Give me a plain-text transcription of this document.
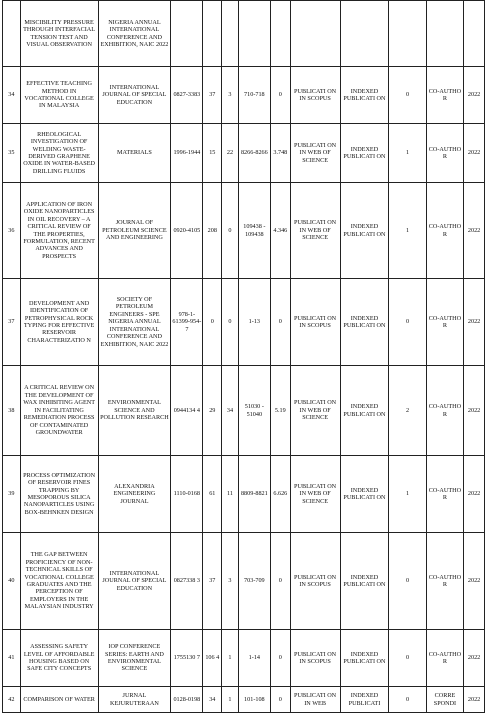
	MISCIBILITY PRESSURE THROUGH INTERFACIAL TENSION TEST AND VISUAL OBSERVATION	NIGERIA ANNUAL INTERNATIONAL CONFERENCE AND EXHIBITION, NAIC 2022										
34	EFFECTIVE TEACHING METHOD IN VOCATIONAL COLLEGE IN MALAYSIA	INTERNATIONAL JOURNAL OF SPECIAL EDUCATION	0827-3383	37	3	710-718	0	PUBLICATI ON IN SCOPUS	INDEXED PUBLICATI ON	0	CO-AUTHO R	2022
35	RHEOLOGICAL INVESTIGATION OF WELDING WASTE-DERIVED GRAPHENE OXIDE IN WATER-BASED DRILLING FLUIDS	MATERIALS	1996-1944	15	22	8266-8266	3.748	PUBLICATI ON IN WEB OF SCIENCE	INDEXED PUBLICATI ON	1	CO-AUTHO R	2022
36	APPLICATION OF IRON OXIDE NANOPARTICLES IN OIL RECOVERY – A CRITICAL REVIEW OF THE PROPERTIES, FORMULATION, RECENT ADVANCES AND PROSPECTS	JOURNAL OF PETROLEUM SCIENCE AND ENGINEERING	0920-4105	208	0	109438 - 109438	4.346	PUBLICATI ON IN WEB OF SCIENCE	INDEXED PUBLICATI ON	1	CO-AUTHO R	2022
37	DEVELOPMENT AND IDENTIFICATION OF PETROPHYSICAL ROCK TYPING FOR EFFECTIVE RESERVOIR CHARACTERIZATIO N	SOCIETY OF PETROLEUM ENGINEERS - SPE NIGERIA ANNUAL INTERNATIONAL CONFERENCE AND EXHIBITION, NAIC 2022	978-1-61399-954-7	0	0	1-13	0	PUBLICATI ON IN SCOPUS	INDEXED PUBLICATI ON	0	CO-AUTHO R	2022
38	A CRITICAL REVIEW ON THE DEVELOPMENT OF WAX INHIBITING AGENT IN FACILITATING REMEDIATION PROCESS OF CONTAMINATED GROUNDWATER	ENVIRONMENTAL SCIENCE AND POLLUTION RESEARCH	0944134 4	29	34	51030 - 51040	5.19	PUBLICATI ON IN WEB OF SCIENCE	INDEXED PUBLICATI ON	2	CO-AUTHO R	2022
39	PROCESS OPTIMIZATION OF RESERVOIR FINES TRAPPING BY MESOPOROUS SILICA NANOPARTICLES USING BOX-BEHNKEN DESIGN	ALEXANDRIA ENGINEERING JOURNAL	1110-0168	61	11	8809-8821	6.626	PUBLICATI ON IN WEB OF SCIENCE	INDEXED PUBLICATI ON	1	CO-AUTHO R	2022
40	THE GAP BETWEEN PROFICIENCY OF NON-TECHNICAL SKILLS OF VOCATIONAL COLLEGE GRADUATES AND THE PERCEPTION OF EMPLOYERS IN THE MALAYSIAN INDUSTRY	INTERNATIONAL JOURNAL OF SPECIAL EDUCATION	0827338 3	37	3	703-709	0	PUBLICATI ON IN SCOPUS	INDEXED PUBLICATI ON	0	CO-AUTHO R	2022
41	ASSESSING SAFETY LEVEL OF AFFORDABLE HOUSING BASED ON SAFE CITY CONCEPTS	IOP CONFERENCE SERIES: EARTH AND ENVIRONMENTAL SCIENCE	1755130 7	106 4	1	1-14	0	PUBLICATI ON IN SCOPUS	INDEXED PUBLICATI ON	0	CO-AUTHO R	2022
42	COMPARISON OF WATER	JURNAL KEJURUTERAAN	0128-0198	34	1	101-108	0	PUBLICATI ON IN WEB	INDEXED PUBLICATI	0	CORRE SPONDI	2022
